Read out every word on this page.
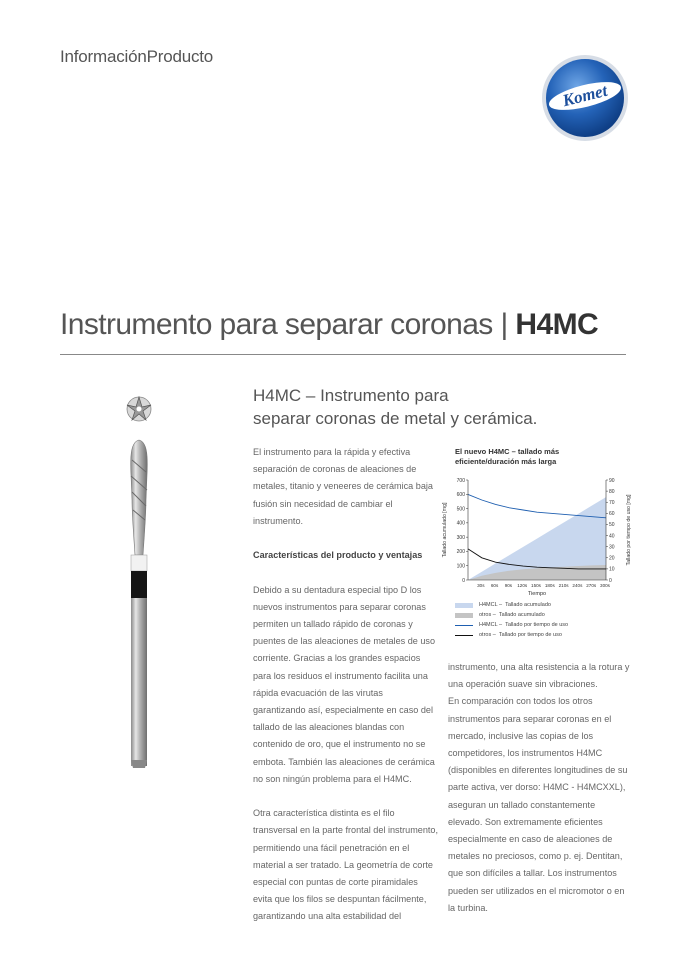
InformaciónProducto
Komet
Instrumento para separar coronas | H4MC
H4MC – Instrumento para
separar coronas de metal y cerámica.

El instrumento para la rápida y efectiva separación de coronas de aleaciones de metales, titanio y veneeres de cerámica baja fusión sin necesidad de cambiar el instrumento.

Características del producto y ventajas

Debido a su dentadura especial tipo D los nuevos instrumentos para separar coronas permiten un tallado rápido de coronas y puentes de las aleaciones de metales de uso corriente. Gracias a los grandes espacios para los residuos el instrumento facilita una rápida evacuación de las virutas garantizando así, especialmente en caso del tallado de las aleaciones blandas con contenido de oro, que el instrumento no se embota. También las aleaciones de cerámica no son ningún problema para el H4MC.

Otra característica distinta es el filo transversal en la parte frontal del instrumento, permitiendo una fácil penetración en el material a ser tratado. La geometría de corte especial con puntas de corte piramidales evita que los filos se despuntan fácilmente, garantizando una alta estabilidad del

El nuevo H4MC – tallado más
eficiente/duración más larga
0
100
200
300
400
500
600
700
0
10
20
30
40
50
60
70
80
90
30s 60s 90s 120s 150s 180s 210s 240s 270s 300s
Tiempo
Tallado acumulado [mg]	Tallado por tiempo de uso [mg]
H4MCL –
Tallado acumulado
otros –
Tallado acumulado
H4MCL –
Tallado por tiempo de uso
otros –
Tallado por tiempo de uso

instrumento, una alta resistencia a la rotura y una operación suave sin vibraciones.

En comparación con todos los otros instrumentos para separar coronas en el mercado, inclusive las copias de los competidores, los instrumentos H4MC (disponibles en diferentes longitudines de su parte activa, ver dorso: H4MC - H4MCXXL), aseguran un tallado constantemente elevado. Son extremamente eficientes especialmente en caso de aleaciones de metales no preciosos, como p. ej. Dentitan, que son difíciles a tallar. Los instrumentos pueden ser utilizados en el micromotor o en la turbina.
